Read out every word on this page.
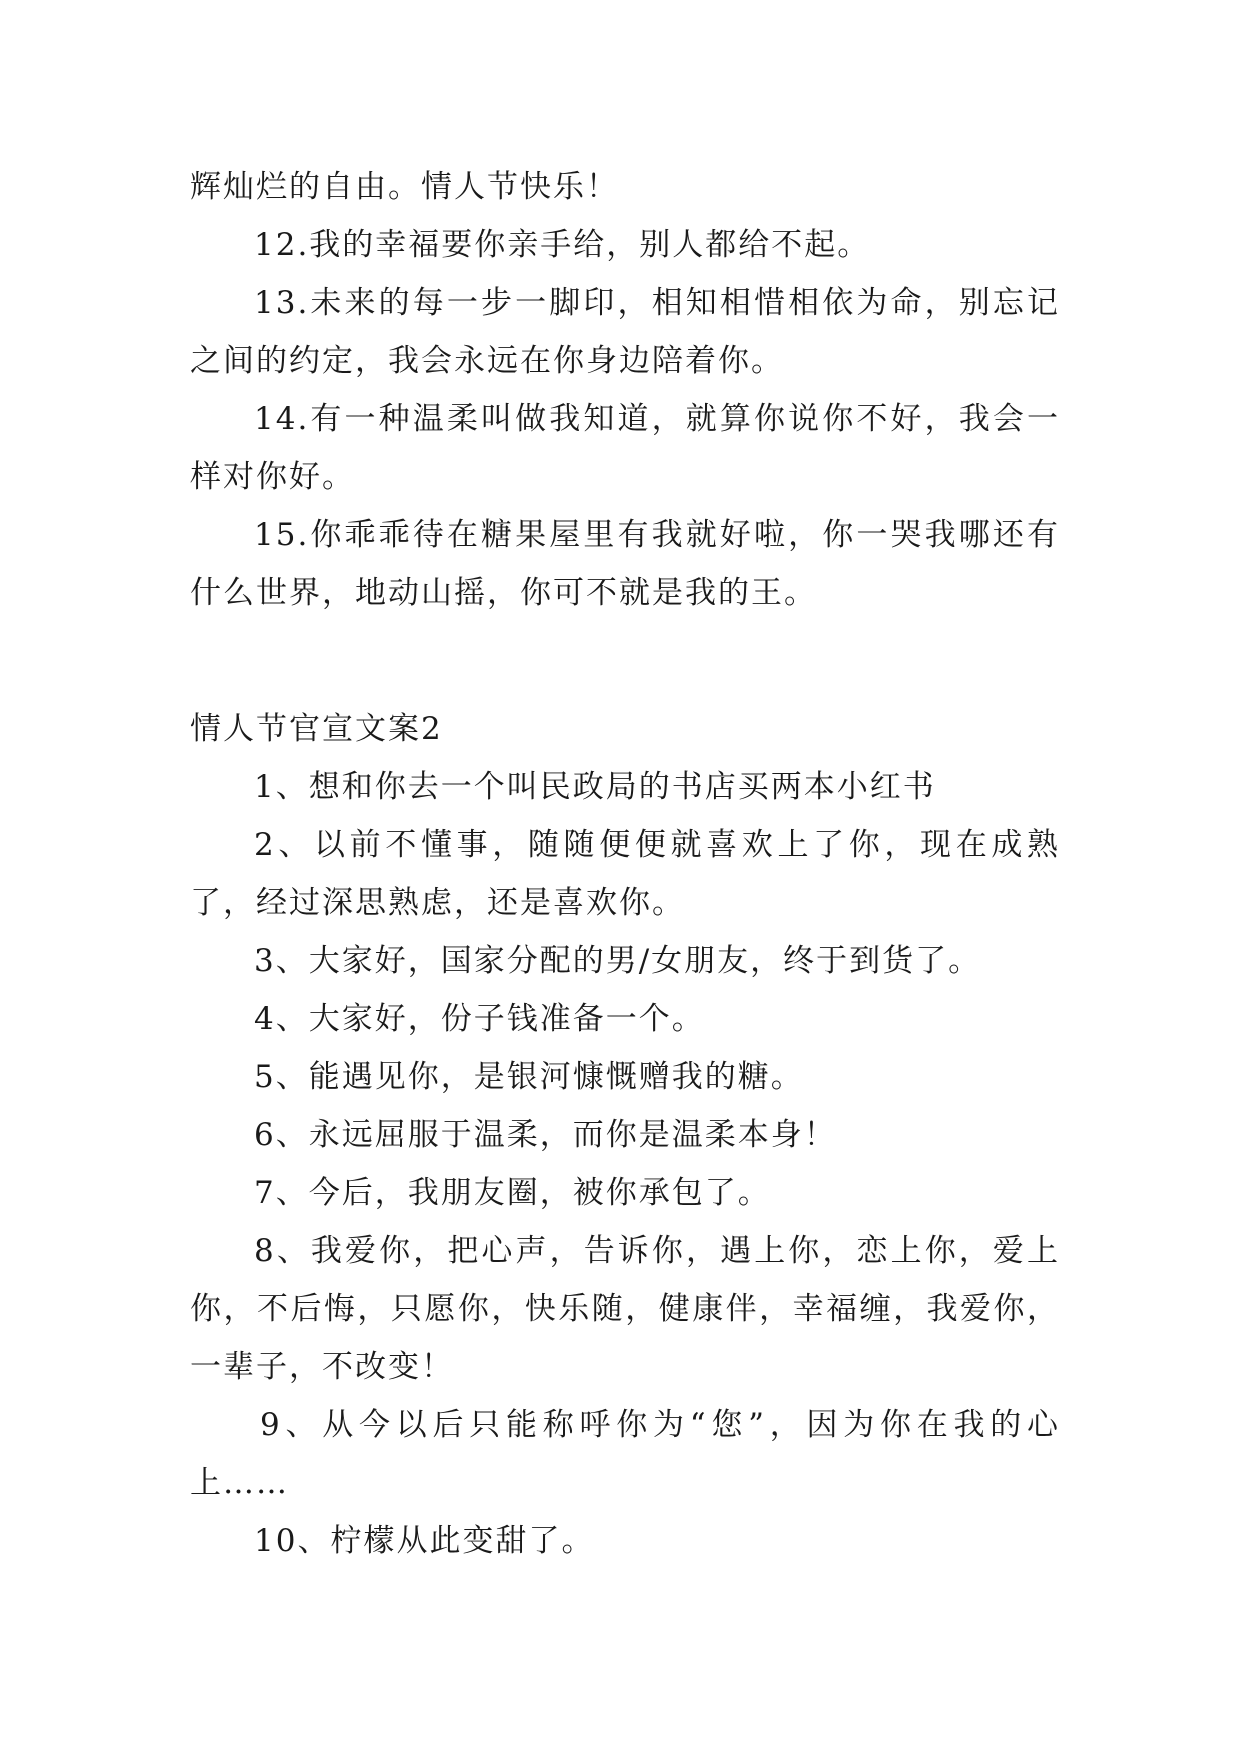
辉灿烂的自由。情人节快乐！

12.我的幸福要你亲手给，别人都给不起。

13.未来的每一步一脚印，相知相惜相依为命，别忘记之间的约定，我会永远在你身边陪着你。

14.有一种温柔叫做我知道，就算你说你不好，我会一样对你好。

15.你乖乖待在糖果屋里有我就好啦，你一哭我哪还有什么世界，地动山摇，你可不就是我的王。

情人节官宣文案2

1、想和你去一个叫民政局的书店买两本小红书

2、以前不懂事，随随便便就喜欢上了你，现在成熟了，经过深思熟虑，还是喜欢你。

3、大家好，国家分配的男/女朋友，终于到货了。

4、大家好，份子钱准备一个。

5、能遇见你，是银河慷慨赠我的糖。

6、永远屈服于温柔，而你是温柔本身！

7、今后，我朋友圈，被你承包了。

8、我爱你，把心声，告诉你，遇上你，恋上你，爱上你，不后悔，只愿你，快乐随，健康伴，幸福缠，我爱你，一辈子，不改变！

9、从今以后只能称呼你为“您”，因为你在我的心上……

10、柠檬从此变甜了。
